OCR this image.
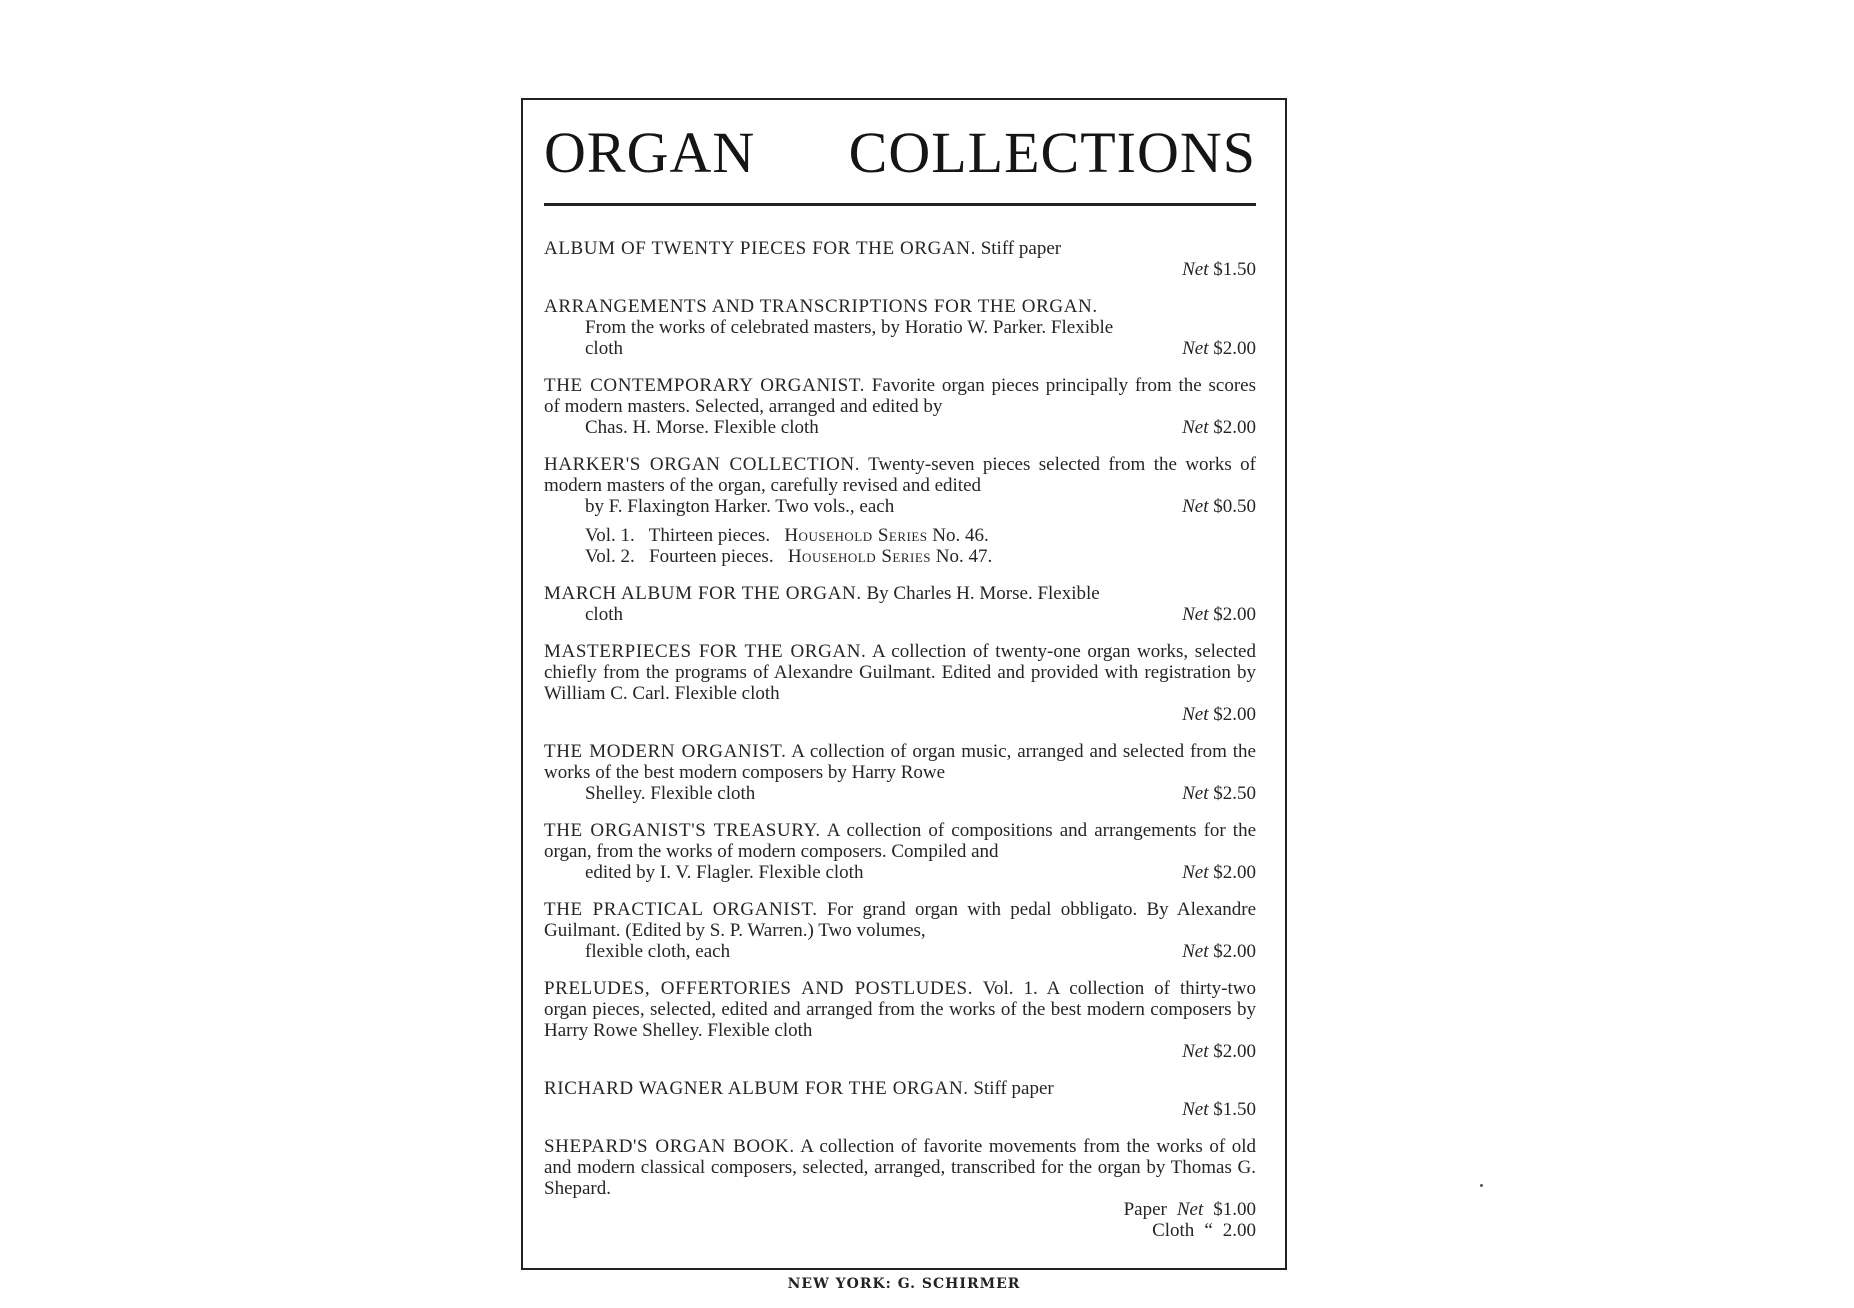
ORGAN COLLECTIONS
ALBUM OF TWENTY PIECES FOR THE ORGAN. Stiff paper
Net $1.50
ARRANGEMENTS AND TRANSCRIPTIONS FOR THE ORGAN.
From the works of celebrated masters, by Horatio W. Parker. Flexible
cloth	Net $2.00
THE CONTEMPORARY ORGANIST. Favorite organ pieces principally from the scores of modern masters. Selected, arranged and edited by
Chas. H. Morse. Flexible cloth	Net $2.00
HARKER'S ORGAN COLLECTION. Twenty-seven pieces selected from the works of modern masters of the organ, carefully revised and edited
by F. Flaxington Harker. Two vols., each	Net $0.50
Vol. 1. Thirteen pieces. Household Series No. 46.
Vol. 2. Fourteen pieces. Household Series No. 47.
MARCH ALBUM FOR THE ORGAN. By Charles H. Morse. Flexible
cloth	Net $2.00
MASTERPIECES FOR THE ORGAN. A collection of twenty-one organ works, selected chiefly from the programs of Alexandre Guilmant. Edited and provided with registration by William C. Carl. Flexible cloth
Net $2.00
THE MODERN ORGANIST. A collection of organ music, arranged and selected from the works of the best modern composers by Harry Rowe
Shelley. Flexible cloth	Net $2.50
THE ORGANIST'S TREASURY. A collection of compositions and arrangements for the organ, from the works of modern composers. Compiled and
edited by I. V. Flagler. Flexible cloth	Net $2.00
THE PRACTICAL ORGANIST. For grand organ with pedal obbligato. By Alexandre Guilmant. (Edited by S. P. Warren.) Two volumes,
flexible cloth, each	Net $2.00
PRELUDES, OFFERTORIES AND POSTLUDES. Vol. 1. A collection of thirty-two organ pieces, selected, edited and arranged from the works of the best modern composers by Harry Rowe Shelley. Flexible cloth
Net $2.00
RICHARD WAGNER ALBUM FOR THE ORGAN. Stiff paper
Net $1.50
SHEPARD'S ORGAN BOOK. A collection of favorite movements from the works of old and modern classical composers, selected, arranged, transcribed for the organ by Thomas G. Shepard.
Paper Net $1.00
Cloth “ 2.00
NEW YORK: G. SCHIRMER
